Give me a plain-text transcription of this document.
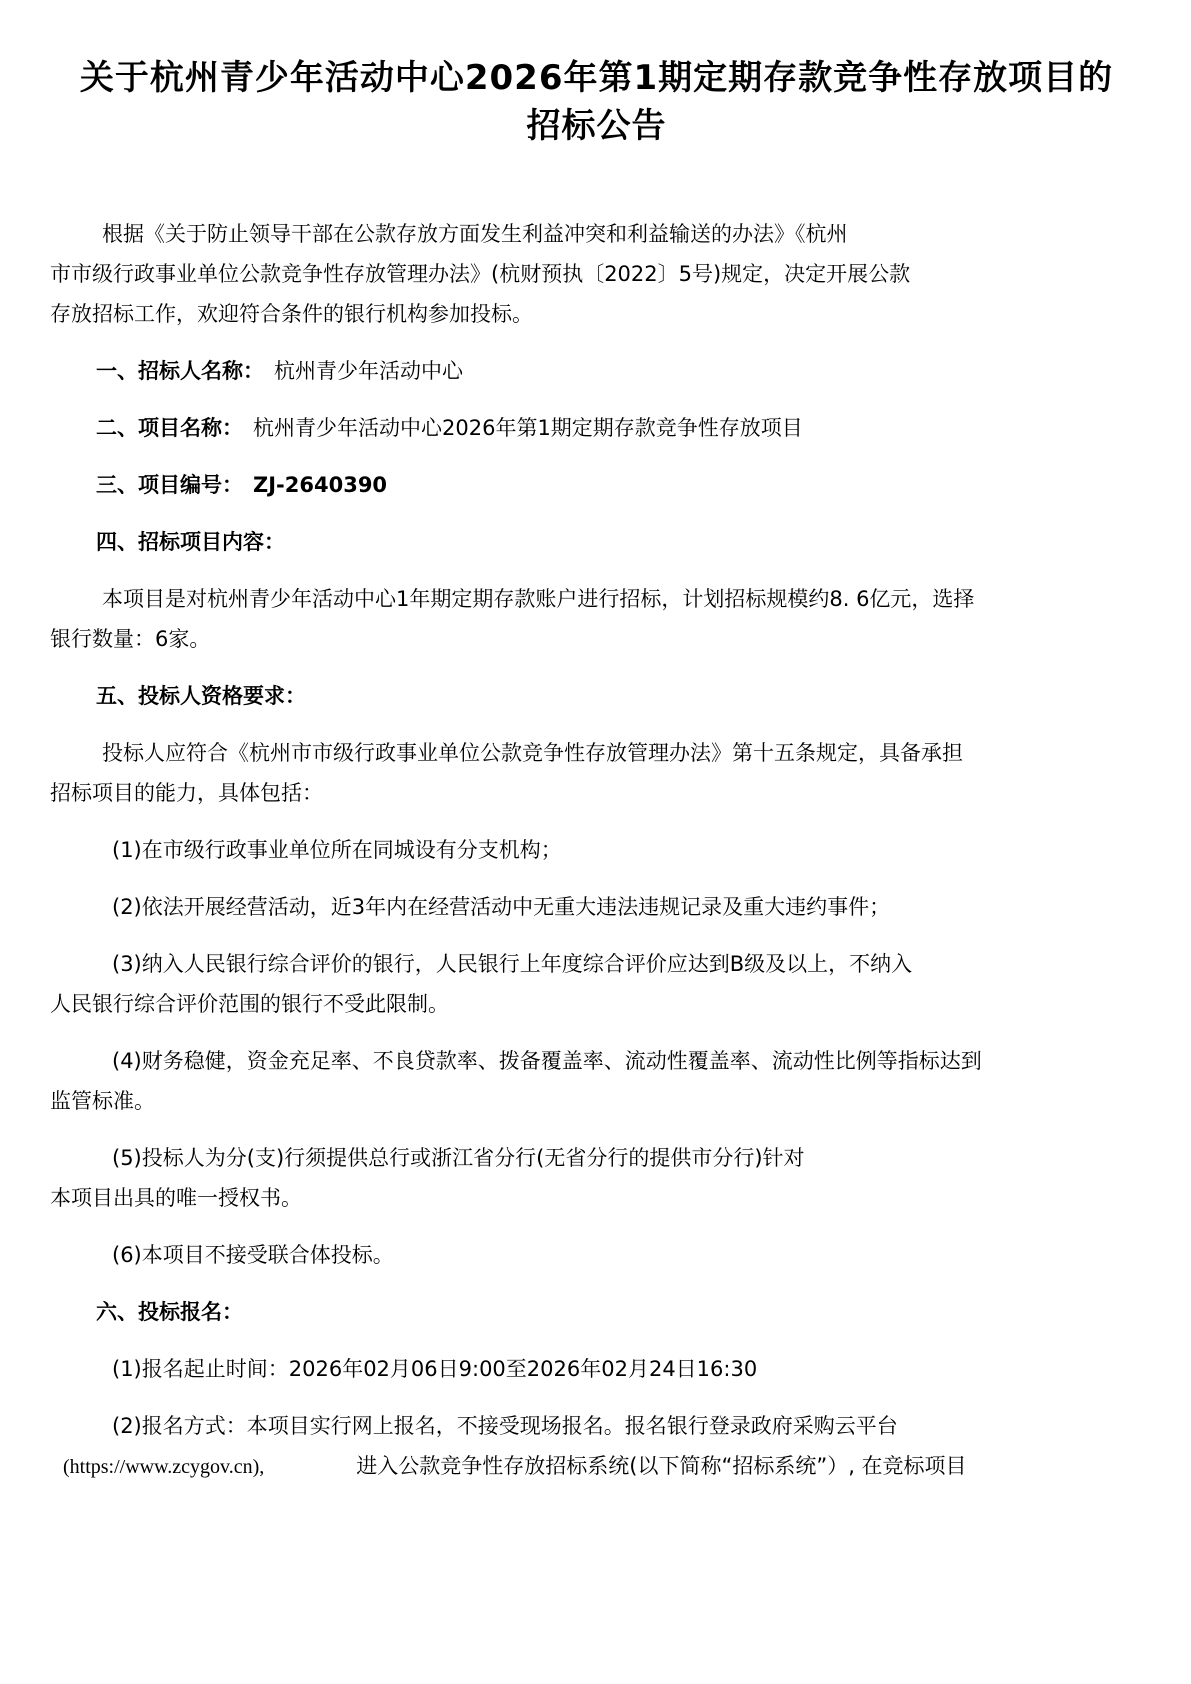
关于杭州青少年活动中心2026年第1期定期存款竞争性存放项目的
招标公告
根据《关于防止领导干部在公款存放方面发生利益冲突和利益输送的办法》《杭州
市市级行政事业单位公款竞争性存放管理办法》(杭财预执〔2022〕5号)规定，决定开展公款
存放招标工作，欢迎符合条件的银行机构参加投标。
一、招标人名称： 杭州青少年活动中心
二、项目名称： 杭州青少年活动中心2026年第1期定期存款竞争性存放项目
三、项目编号： ZJ-2640390
四、招标项目内容：
本项目是对杭州青少年活动中心1年期定期存款账户进行招标，计划招标规模约8. 6亿元，选择
银行数量：6家。
五、投标人资格要求：
投标人应符合《杭州市市级行政事业单位公款竞争性存放管理办法》第十五条规定，具备承担
招标项目的能力，具体包括：
(1)在市级行政事业单位所在同城设有分支机构；
(2)依法开展经营活动，近3年内在经营活动中无重大违法违规记录及重大违约事件；
(3)纳入人民银行综合评价的银行，人民银行上年度综合评价应达到B级及以上，不纳入
人民银行综合评价范围的银行不受此限制。
(4)财务稳健，资金充足率、不良贷款率、拨备覆盖率、流动性覆盖率、流动性比例等指标达到
监管标准。
(5)投标人为分(支)行须提供总行或浙江省分行(无省分行的提供市分行)针对
本项目出具的唯一授权书。
(6)本项目不接受联合体投标。
六、投标报名：
(1)报名起止时间：2026年02月06日9:00至2026年02月24日16:30
(2)报名方式：本项目实行网上报名，不接受现场报名。报名银行登录政府采购云平台
(https://www.zcygov.cn),	进入公款竞争性存放招标系统(以下简称“招标系统”）, 在竞标项目
